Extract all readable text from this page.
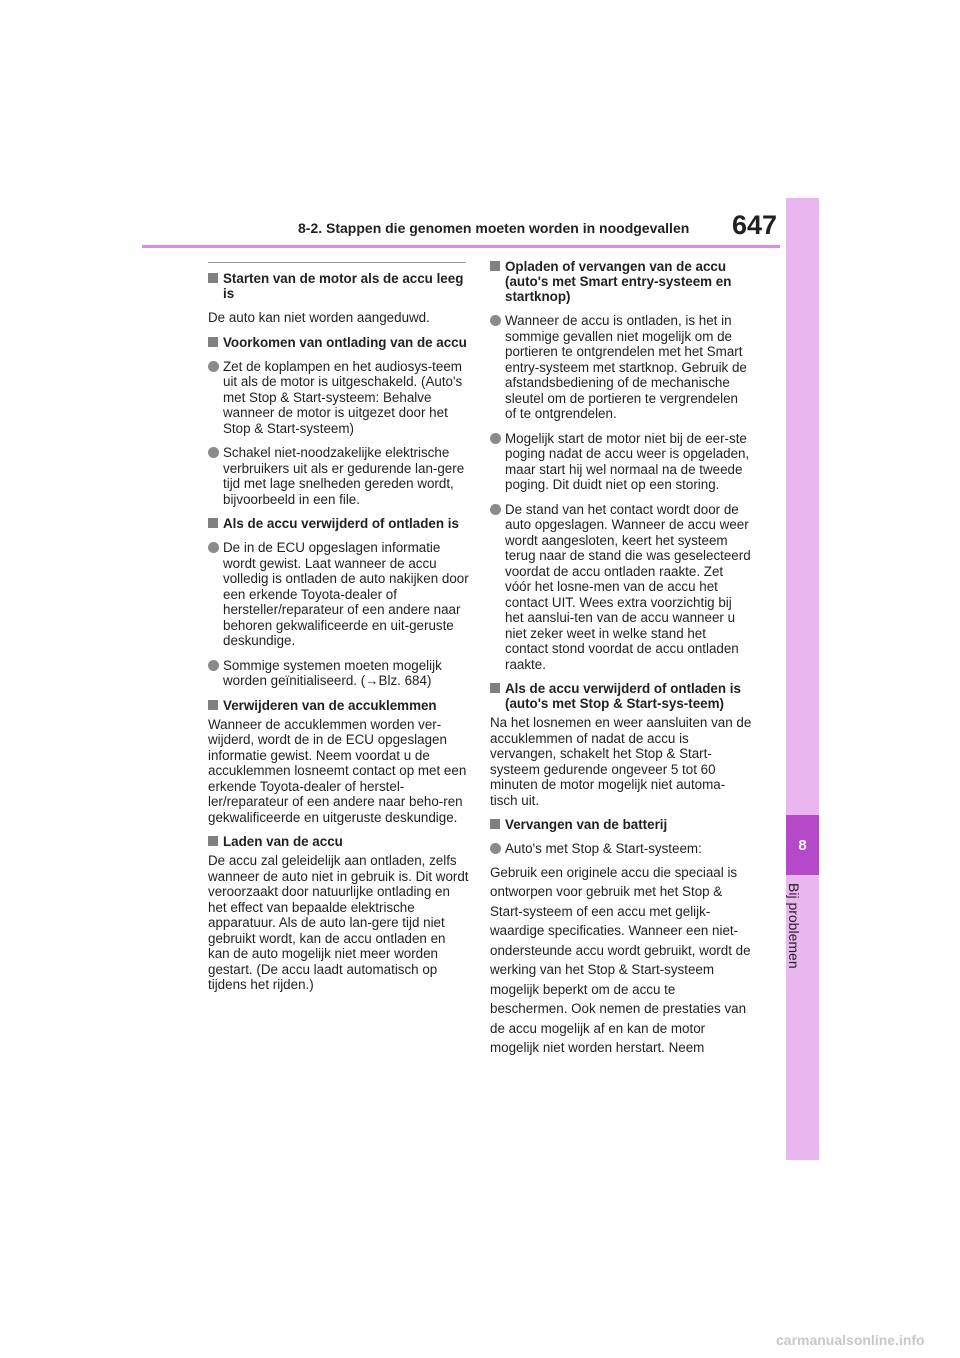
8
Bij problemen
8-2. Stappen die genomen moeten worden in noodgevallen 647
Starten van de motor als de accu leeg is
De auto kan niet worden aangeduwd.
Voorkomen van ontlading van de accu
Zet de koplampen en het audiosys-teem uit als de motor is uitgeschakeld. (Auto's met Stop & Start-systeem: Behalve wanneer de motor is uitgezet door het Stop & Start-systeem)
Schakel niet-noodzakelijke elektrische verbruikers uit als er gedurende lan-gere tijd met lage snelheden gereden wordt, bijvoorbeeld in een file.
Als de accu verwijderd of ontladen is
De in de ECU opgeslagen informatie wordt gewist. Laat wanneer de accu volledig is ontladen de auto nakijken door een erkende Toyota-dealer of hersteller/reparateur of een andere naar behoren gekwalificeerde en uit-geruste deskundige.
Sommige systemen moeten mogelijk worden geïnitialiseerd. (→Blz. 684)
Verwijderen van de accuklemmen
Wanneer de accuklemmen worden ver-wijderd, wordt de in de ECU opgeslagen informatie gewist. Neem voordat u de accuklemmen losneemt contact op met een erkende Toyota-dealer of herstel-ler/reparateur of een andere naar beho-ren gekwalificeerde en uitgeruste deskundige.
Laden van de accu
De accu zal geleidelijk aan ontladen, zelfs wanneer de auto niet in gebruik is. Dit wordt veroorzaakt door natuurlijke ontlading en het effect van bepaalde elektrische apparatuur. Als de auto lan-gere tijd niet gebruikt wordt, kan de accu ontladen en kan de auto mogelijk niet meer worden gestart. (De accu laadt automatisch op tijdens het rijden.)
Opladen of vervangen van de accu (auto's met Smart entry-systeem en startknop)
Wanneer de accu is ontladen, is het in sommige gevallen niet mogelijk om de portieren te ontgrendelen met het Smart entry-systeem met startknop. Gebruik de afstandsbediening of de mechanische sleutel om de portieren te vergrendelen of te ontgrendelen.
Mogelijk start de motor niet bij de eer-ste poging nadat de accu weer is opgeladen, maar start hij wel normaal na de tweede poging. Dit duidt niet op een storing.
De stand van het contact wordt door de auto opgeslagen. Wanneer de accu weer wordt aangesloten, keert het systeem terug naar de stand die was geselecteerd voordat de accu ontladen raakte. Zet vóór het losne-men van de accu het contact UIT. Wees extra voorzichtig bij het aanslui-ten van de accu wanneer u niet zeker weet in welke stand het contact stond voordat de accu ontladen raakte.
Als de accu verwijderd of ontladen is (auto's met Stop & Start-sys-teem)
Na het losnemen en weer aansluiten van de accuklemmen of nadat de accu is vervangen, schakelt het Stop & Start-systeem gedurende ongeveer 5 tot 60 minuten de motor mogelijk niet automa-tisch uit.
Vervangen van de batterij
Auto's met Stop & Start-systeem:
Gebruik een originele accu die speciaal is ontworpen voor gebruik met het Stop & Start-systeem of een accu met gelijk-waardige specificaties. Wanneer een niet-ondersteunde accu wordt gebruikt, wordt de werking van het Stop & Start-systeem mogelijk beperkt om de accu te beschermen. Ook nemen de prestaties van de accu mogelijk af en kan de motor mogelijk niet worden herstart. Neem
carmanualsonline.info
